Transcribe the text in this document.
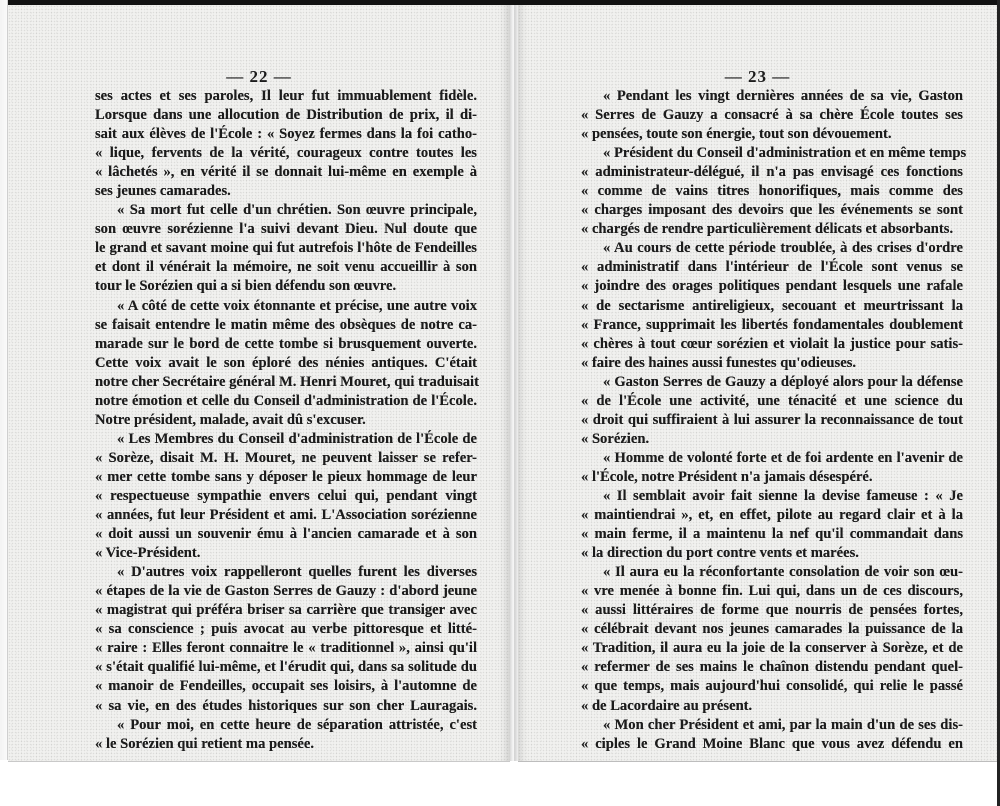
— 22 —
ses actes et ses paroles, Il leur fut immuablement fidèle.
Lorsque dans une allocution de Distribution de prix, il di-
sait aux élèves de l'École : « Soyez fermes dans la foi catho-
« lique, fervents de la vérité, courageux contre toutes les
« lâchetés », en vérité il se donnait lui-même en exemple à
ses jeunes camarades.
« Sa mort fut celle d'un chrétien. Son œuvre principale,
son œuvre sorézienne l'a suivi devant Dieu. Nul doute que
le grand et savant moine qui fut autrefois l'hôte de Fendeilles
et dont il vénérait la mémoire, ne soit venu accueillir à son
tour le Sorézien qui a si bien défendu son œuvre.
« A côté de cette voix étonnante et précise, une autre voix
se faisait entendre le matin même des obsèques de notre ca-
marade sur le bord de cette tombe si brusquement ouverte.
Cette voix avait le son éploré des nénies antiques. C'était
notre cher Secrétaire général M. Henri Mouret, qui traduisait
notre émotion et celle du Conseil d'administration de l'École.
Notre président, malade, avait dû s'excuser.
« Les Membres du Conseil d'administration de l'École de
« Sorèze, disait M. H. Mouret, ne peuvent laisser se refer-
« mer cette tombe sans y déposer le pieux hommage de leur
« respectueuse sympathie envers celui qui, pendant vingt
« années, fut leur Président et ami. L'Association sorézienne
« doit aussi un souvenir ému à l'ancien camarade et à son
« Vice-Président.
« D'autres voix rappelleront quelles furent les diverses
« étapes de la vie de Gaston Serres de Gauzy : d'abord jeune
« magistrat qui préféra briser sa carrière que transiger avec
« sa conscience ; puis avocat au verbe pittoresque et litté-
« raire : Elles feront connaitre le « traditionnel », ainsi qu'il
« s'était qualifié lui-même, et l'érudit qui, dans sa solitude du
« manoir de Fendeilles, occupait ses loisirs, à l'automne de
« sa vie, en des études historiques sur son cher Lauragais.
« Pour moi, en cette heure de séparation attristée, c'est
« le Sorézien qui retient ma pensée.
— 23 —
« Pendant les vingt dernières années de sa vie, Gaston
« Serres de Gauzy a consacré à sa chère École toutes ses
« pensées, toute son énergie, tout son dévouement.
« Président du Conseil d'administration et en même temps
« administrateur-délégué, il n'a pas envisagé ces fonctions
« comme de vains titres honorifiques, mais comme des
« charges imposant des devoirs que les événements se sont
« chargés de rendre particulièrement délicats et absorbants.
« Au cours de cette période troublée, à des crises d'ordre
« administratif dans l'intérieur de l'École sont venus se
« joindre des orages politiques pendant lesquels une rafale
« de sectarisme antireligieux, secouant et meurtrissant la
« France, supprimait les libertés fondamentales doublement
« chères à tout cœur sorézien et violait la justice pour satis-
« faire des haines aussi funestes qu'odieuses.
« Gaston Serres de Gauzy a déployé alors pour la défense
« de l'École une activité, une ténacité et une science du
« droit qui suffiraient à lui assurer la reconnaissance de tout
« Sorézien.
« Homme de volonté forte et de foi ardente en l'avenir de
« l'École, notre Président n'a jamais désespéré.
« Il semblait avoir fait sienne la devise fameuse : « Je
« maintiendrai », et, en effet, pilote au regard clair et à la
« main ferme, il a maintenu la nef qu'il commandait dans
« la direction du port contre vents et marées.
« Il aura eu la réconfortante consolation de voir son œu-
« vre menée à bonne fin. Lui qui, dans un de ces discours,
« aussi littéraires de forme que nourris de pensées fortes,
« célébrait devant nos jeunes camarades la puissance de la
« Tradition, il aura eu la joie de la conserver à Sorèze, et de
« refermer de ses mains le chaînon distendu pendant quel-
« que temps, mais aujourd'hui consolidé, qui relie le passé
« de Lacordaire au présent.
« Mon cher Président et ami, par la main d'un de ses dis-
« ciples le Grand Moine Blanc que vous avez défendu en
